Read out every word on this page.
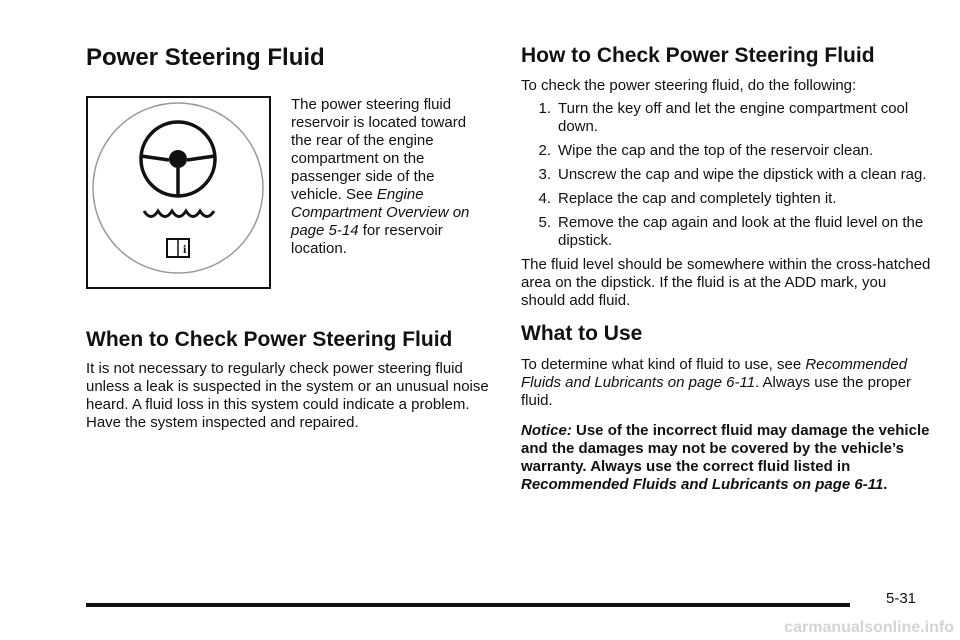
Power Steering Fluid
i
The power steering fluid reservoir is located toward the rear of the engine compartment on the passenger side of the vehicle. See Engine Compartment Overview on page 5-14 for reservoir location.
When to Check Power Steering Fluid

It is not necessary to regularly check power steering fluid unless a leak is suspected in the system or an unusual noise heard. A fluid loss in this system could indicate a problem. Have the system inspected and repaired.

How to Check Power Steering Fluid

To check the power steering fluid, do the following:

1. Turn the key off and let the engine compartment cool down.
2. Wipe the cap and the top of the reservoir clean.
3. Unscrew the cap and wipe the dipstick with a clean rag.
4. Replace the cap and completely tighten it.
5. Remove the cap again and look at the fluid level on the dipstick.

The fluid level should be somewhere within the cross-hatched area on the dipstick. If the fluid is at the ADD mark, you should add fluid.

What to Use

To determine what kind of fluid to use, see Recommended Fluids and Lubricants on page 6-11. Always use the proper fluid.

Notice: Use of the incorrect fluid may damage the vehicle and the damages may not be covered by the vehicle’s warranty. Always use the correct fluid listed in Recommended Fluids and Lubricants on page 6-11.

5-31
carmanualsonline.info
